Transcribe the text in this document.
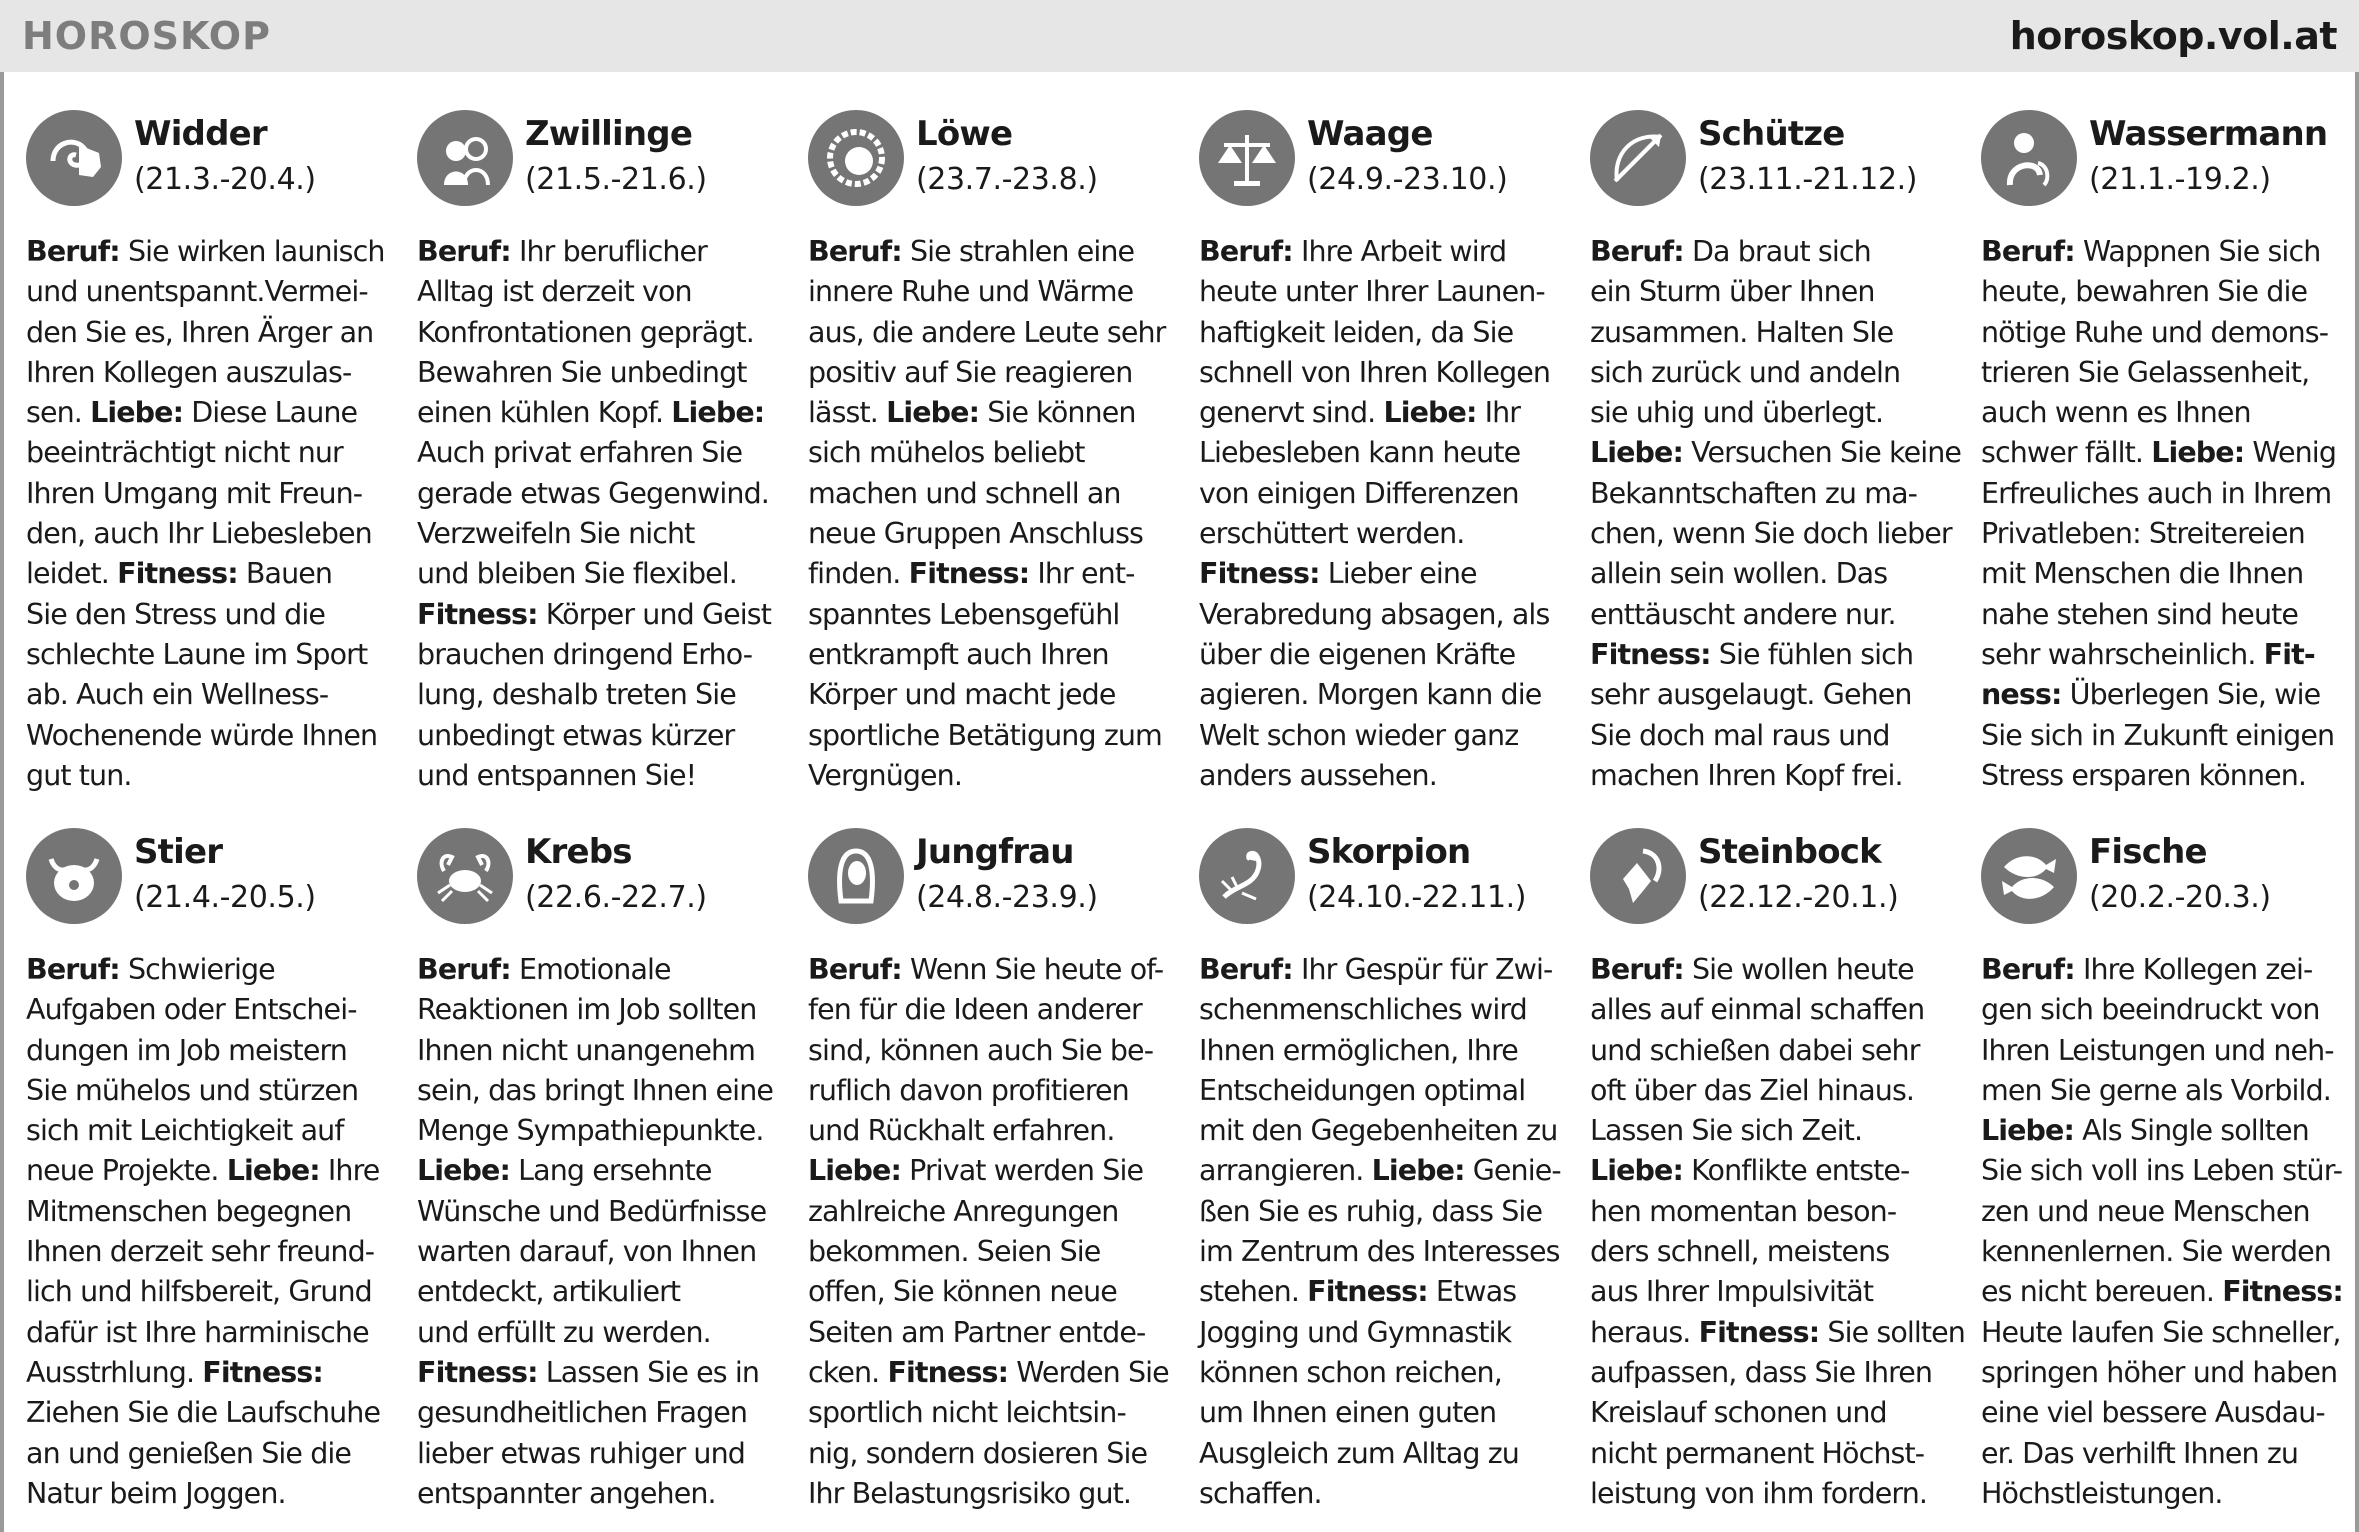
HOROSKOP	horoskop.vol.at
Widder
(21.3.-20.4.)
Beruf: Sie wirken launisch
und unentspannt.Vermei-
den Sie es, Ihren Ärger an
Ihren Kollegen auszulas-
sen. Liebe: Diese Laune
beeinträchtigt nicht nur
Ihren Umgang mit Freun-
den, auch Ihr Liebesleben
leidet. Fitness: Bauen
Sie den Stress und die
schlechte Laune im Sport
ab. Auch ein Wellness-
Wochenende würde Ihnen
gut tun.
Zwillinge
(21.5.-21.6.)
Beruf: Ihr beruflicher
Alltag ist derzeit von
Konfrontationen geprägt.
Bewahren Sie unbedingt
einen kühlen Kopf. Liebe:
Auch privat erfahren Sie
gerade etwas Gegenwind.
Verzweifeln Sie nicht
und bleiben Sie flexibel.
Fitness: Körper und Geist
brauchen dringend Erho-
lung, deshalb treten Sie
unbedingt etwas kürzer
und entspannen Sie!
Löwe
(23.7.-23.8.)
Beruf: Sie strahlen eine
innere Ruhe und Wärme
aus, die andere Leute sehr
positiv auf Sie reagieren
lässt. Liebe: Sie können
sich mühelos beliebt
machen und schnell an
neue Gruppen Anschluss
finden. Fitness: Ihr ent-
spanntes Lebensgefühl
entkrampft auch Ihren
Körper und macht jede
sportliche Betätigung zum
Vergnügen.
Waage
(24.9.-23.10.)
Beruf: Ihre Arbeit wird
heute unter Ihrer Launen-
haftigkeit leiden, da Sie
schnell von Ihren Kollegen
genervt sind. Liebe: Ihr
Liebesleben kann heute
von einigen Differenzen
erschüttert werden.
Fitness: Lieber eine
Verabredung absagen, als
über die eigenen Kräfte
agieren. Morgen kann die
Welt schon wieder ganz
anders aussehen.
Schütze
(23.11.-21.12.)
Beruf: Da braut sich
ein Sturm über Ihnen
zusammen. Halten SIe
sich zurück und andeln
sie uhig und überlegt.
Liebe: Versuchen Sie keine
Bekanntschaften zu ma-
chen, wenn Sie doch lieber
allein sein wollen. Das
enttäuscht andere nur.
Fitness: Sie fühlen sich
sehr ausgelaugt. Gehen
Sie doch mal raus und
machen Ihren Kopf frei.
Wassermann
(21.1.-19.2.)
Beruf: Wappnen Sie sich
heute, bewahren Sie die
nötige Ruhe und demons-
trieren Sie Gelassenheit,
auch wenn es Ihnen
schwer fällt. Liebe: Wenig
Erfreuliches auch in Ihrem
Privatleben: Streitereien
mit Menschen die Ihnen
nahe stehen sind heute
sehr wahrscheinlich. Fit-
ness: Überlegen Sie, wie
Sie sich in Zukunft einigen
Stress ersparen können.
Stier
(21.4.-20.5.)
Beruf: Schwierige
Aufgaben oder Entschei-
dungen im Job meistern
Sie mühelos und stürzen
sich mit Leichtigkeit auf
neue Projekte. Liebe: Ihre
Mitmenschen begegnen
Ihnen derzeit sehr freund-
lich und hilfsbereit, Grund
dafür ist Ihre harminische
Ausstrhlung. Fitness:
Ziehen Sie die Laufschuhe
an und genießen Sie die
Natur beim Joggen.
Krebs
(22.6.-22.7.)
Beruf: Emotionale
Reaktionen im Job sollten
Ihnen nicht unangenehm
sein, das bringt Ihnen eine
Menge Sympathiepunkte.
Liebe: Lang ersehnte
Wünsche und Bedürfnisse
warten darauf, von Ihnen
entdeckt, artikuliert
und erfüllt zu werden.
Fitness: Lassen Sie es in
gesundheitlichen Fragen
lieber etwas ruhiger und
entspannter angehen.
Jungfrau
(24.8.-23.9.)
Beruf: Wenn Sie heute of-
fen für die Ideen anderer
sind, können auch Sie be-
ruflich davon profitieren
und Rückhalt erfahren.
Liebe: Privat werden Sie
zahlreiche Anregungen
bekommen. Seien Sie
offen, Sie können neue
Seiten am Partner entde-
cken. Fitness: Werden Sie
sportlich nicht leichtsin-
nig, sondern dosieren Sie
Ihr Belastungsrisiko gut.
Skorpion
(24.10.-22.11.)
Beruf: Ihr Gespür für Zwi-
schenmenschliches wird
Ihnen ermöglichen, Ihre
Entscheidungen optimal
mit den Gegebenheiten zu
arrangieren. Liebe: Genie-
ßen Sie es ruhig, dass Sie
im Zentrum des Interesses
stehen. Fitness: Etwas
Jogging und Gymnastik
können schon reichen,
um Ihnen einen guten
Ausgleich zum Alltag zu
schaffen.
Steinbock
(22.12.-20.1.)
Beruf: Sie wollen heute
alles auf einmal schaffen
und schießen dabei sehr
oft über das Ziel hinaus.
Lassen Sie sich Zeit.
Liebe: Konflikte entste-
hen momentan beson-
ders schnell, meistens
aus Ihrer Impulsivität
heraus. Fitness: Sie sollten
aufpassen, dass Sie Ihren
Kreislauf schonen und
nicht permanent Höchst-
leistung von ihm fordern.
Fische
(20.2.-20.3.)
Beruf: Ihre Kollegen zei-
gen sich beeindruckt von
Ihren Leistungen und neh-
men Sie gerne als Vorbild.
Liebe: Als Single sollten
Sie sich voll ins Leben stür-
zen und neue Menschen
kennenlernen. Sie werden
es nicht bereuen. Fitness:
Heute laufen Sie schneller,
springen höher und haben
eine viel bessere Ausdau-
er. Das verhilft Ihnen zu
Höchstleistungen.
